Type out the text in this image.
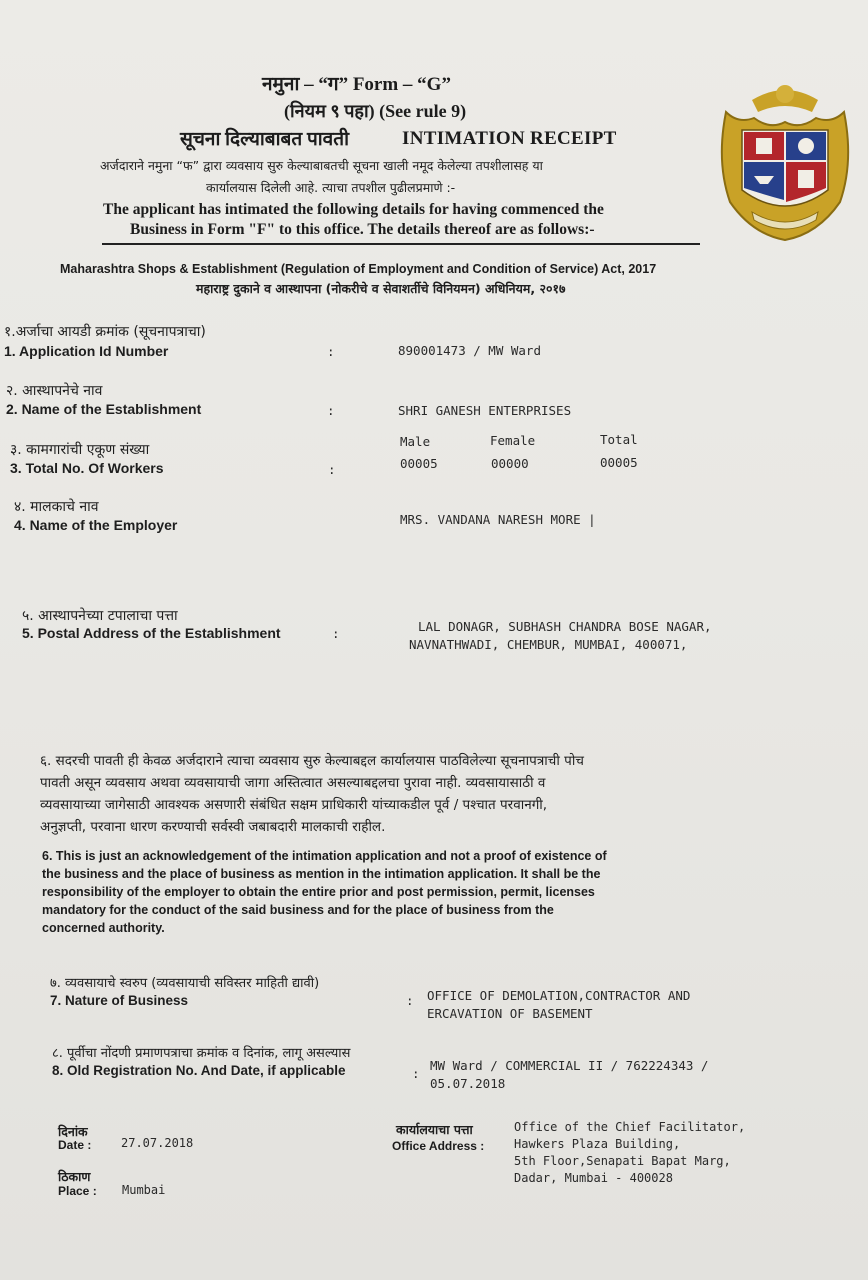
नमुना – “ग” Form – “G”
(नियम ९ पहा) (See rule 9)
सूचना दिल्याबाबत पावती	INTIMATION RECEIPT
अर्जदाराने नमुना “फ” द्वारा व्यवसाय सुरु केल्याबाबतची सूचना खाली नमूद केलेल्या तपशीलासह या
कार्यालयास दिलेली आहे. त्याचा तपशील पुढीलप्रमाणे :-
The applicant has intimated the following details for having commenced the
Business in Form "F" to this office. The details thereof are as follows:-
Maharashtra Shops & Establishment (Regulation of Employment and Condition of Service) Act, 2017
महाराष्ट्र दुकाने व आस्थापना (नोकरीचे व सेवाशर्तीचे विनियमन) अधिनियम, २०१७
१.अर्जाचा आयडी क्रमांक (सूचनापत्राचा)
1. Application Id Number	:	890001473 / MW Ward
२. आस्थापनेचे नाव
2. Name of the Establishment	:	SHRI GANESH ENTERPRISES
३. कामगारांची एकूण संख्या
3. Total No. Of Workers	:
Male	Female	Total
00005	00000	00005
४. मालकाचे नाव
4. Name of the Employer	MRS. VANDANA NARESH MORE |
५. आस्थापनेच्या टपालाचा पत्ता
5. Postal Address of the Establishment	:	LAL DONAGR, SUBHASH CHANDRA BOSE NAGAR,
NAVNATHWADI, CHEMBUR, MUMBAI, 400071,
६. सदरची पावती ही केवळ अर्जदाराने त्याचा व्यवसाय सुरु केल्याबद्दल कार्यालयास पाठविलेल्या सूचनापत्राची पोच
पावती असून व्यवसाय अथवा व्यवसायाची जागा अस्तित्वात असल्याबद्दलचा पुरावा नाही. व्यवसायासाठी व
व्यवसायाच्या जागेसाठी आवश्यक असणारी संबंधित सक्षम प्राधिकारी यांच्याकडील पूर्व / पश्चात परवानगी,
अनुज्ञप्ती, परवाना धारण करण्याची सर्वस्वी जबाबदारी मालकाची राहील.
6. This is just an acknowledgement of the intimation application and not a proof of existence of
the business and the place of business as mention in the intimation application. It shall be the
responsibility of the employer to obtain the entire prior and post permission, permit, licenses
mandatory for the conduct of the said business and for the place of business from the
concerned authority.
७. व्यवसायाचे स्वरुप (व्यवसायाची सविस्तर माहिती द्यावी)
7. Nature of Business	: OFFICE OF DEMOLATION,CONTRACTOR AND
ERCAVATION OF BASEMENT
८. पूर्वीचा नोंदणी प्रमाणपत्राचा क्रमांक व दिनांक, लागू असल्यास
8. Old Registration No. And Date, if applicable	:
MW Ward / COMMERCIAL II / 762224343 /
05.07.2018
दिनांक
Date : 27.07.2018
ठिकाण
Place : Mumbai
कार्यालयाचा पत्ता
Office Address :
Office of the Chief Facilitator,
Hawkers Plaza Building,
5th Floor,Senapati Bapat Marg,
Dadar, Mumbai - 400028
